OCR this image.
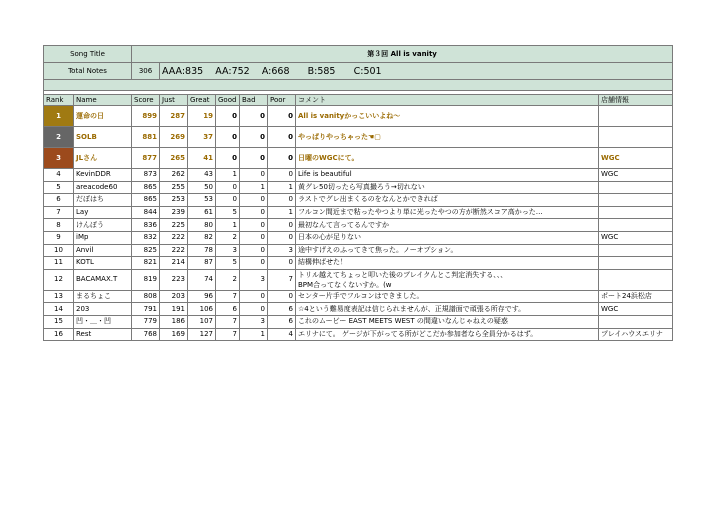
Song Title		第３回 All is vanity							
Total Notes		306	AAA:835 AA:752 A:668 B:585 C:501						

Rank	Name	Score	Just	Great	Good	Bad	Poor	コメント	店舗情報
1	運命の日	899	287	19	0	0	0	All is vanityかっこいいよね～	
2	SOLB	881	269	37	0	0	0	やっぱりやっちゃった☚▢	
3	JLさん	877	265	41	0	0	0	日曜のWGCにて。	WGC
4	KevinDDR	873	262	43	1	0	0	Life is beautiful	WGC
5	areacode60	865	255	50	0	1	1	黄グレ50切ったら写真撮ろう→切れない	
6	だぼはち	865	253	53	0	0	0	ラストでグレ出まくるのをなんとかできれば	
7	Lay	844	239	61	5	0	1	フルコン間近まで粘ったやつより単に光ったやつの方が断然スコア高かった…	
8	けんぼう	836	225	80	1	0	0	最初なんて言ってるんですか	
9	iMp	832	222	82	2	0	0	日本の心が足りない	WGC
10	Anvil	825	222	78	3	0	3	途中すげえのふってきて焦った。ノーオプション。	
11	KOTL	821	214	87	5	0	0	結構伸ばせた！	
12	BACAMAX.T	819	223	74	2	3	7	トリル越えてちょっと叩いた後のブレイクんとこ判定消失する、、、
BPM合ってなくないすか。(w	

13	まるちょこ	808	203	96	7	0	0	センター片手でフルコンはできました。	ポート24浜松店
14	203	791	191	106	6	0	6	☆4という難易度表記は信じられませんが、正規譜面で頑張る所存です。	WGC
15	凹・＿・凹	779	186	107	7	3	6	これのムービー EAST MEETS WEST の間違いなんじゃねえの疑惑	
16	Rest	768	169	127	7	1	4	エリナにて。 ゲージが下がってる所がどこだか参加者なら全員分かるはず。	プレイハウスエリナ
